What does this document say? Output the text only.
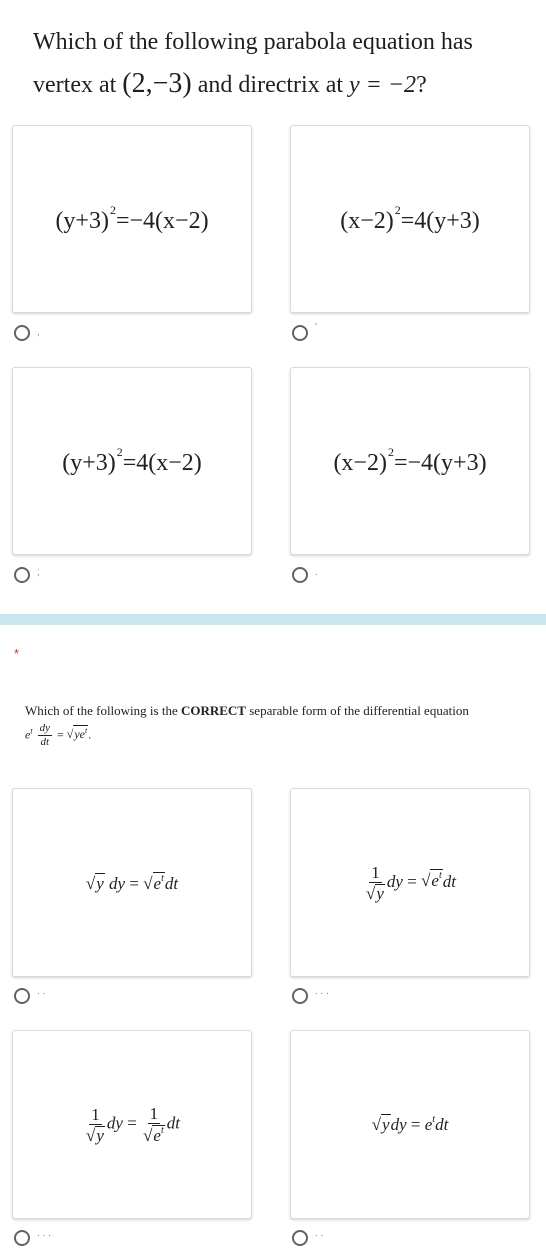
Which of the following parabola equation has vertex at (2,−3) and directrix at y = −2?
$(y+3)^2=-4(x-2)$	$(x-2)^2=4(y+3)$
,	'
$(y+3)^2=4(x-2)$	$(x-2)^2=-4(y+3)$
;	.
*
Which of the following is the CORRECT separable form of the differential equation
$e^t \frac{dy}{dt}$ = √ $ye^t$ .
√ y dy = √ $e^t$ dt	$\frac{1}{√ y}$ dy = √ $e^t$ dt
. .	. . .
$\frac{1}{√ y}$ dy = $\frac{1}{√ e^t}$ dt	√ y dy = $e^tdt$
. . .	. .
